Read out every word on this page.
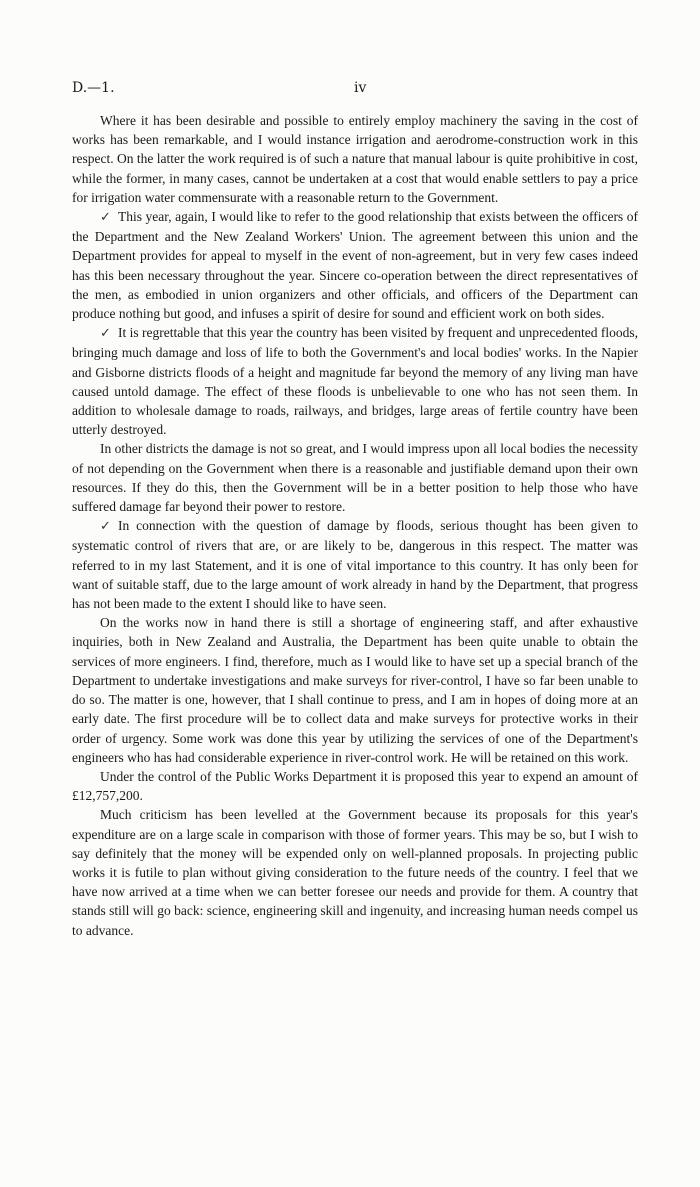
D.—1.	iv

Where it has been desirable and possible to entirely employ machinery the saving in the cost of works has been remarkable, and I would instance irrigation and aerodrome-construction work in this respect. On the latter the work required is of such a nature that manual labour is quite prohibitive in cost, while the former, in many cases, cannot be undertaken at a cost that would enable settlers to pay a price for irrigation water commensurate with a reasonable return to the Government.

✓ This year, again, I would like to refer to the good relationship that exists between the officers of the Department and the New Zealand Workers' Union. The agreement between this union and the Department provides for appeal to myself in the event of non-agreement, but in very few cases indeed has this been necessary throughout the year. Sincere co-operation between the direct representatives of the men, as embodied in union organizers and other officials, and officers of the Department can produce nothing but good, and infuses a spirit of desire for sound and efficient work on both sides.

✓ It is regrettable that this year the country has been visited by frequent and unprecedented floods, bringing much damage and loss of life to both the Government's and local bodies' works. In the Napier and Gisborne districts floods of a height and magnitude far beyond the memory of any living man have caused untold damage. The effect of these floods is unbelievable to one who has not seen them. In addition to wholesale damage to roads, railways, and bridges, large areas of fertile country have been utterly destroyed.

In other districts the damage is not so great, and I would impress upon all local bodies the necessity of not depending on the Government when there is a reasonable and justifiable demand upon their own resources. If they do this, then the Government will be in a better position to help those who have suffered damage far beyond their power to restore.

✓ In connection with the question of damage by floods, serious thought has been given to systematic control of rivers that are, or are likely to be, dangerous in this respect. The matter was referred to in my last Statement, and it is one of vital importance to this country. It has only been for want of suitable staff, due to the large amount of work already in hand by the Department, that progress has not been made to the extent I should like to have seen.

On the works now in hand there is still a shortage of engineering staff, and after exhaustive inquiries, both in New Zealand and Australia, the Department has been quite unable to obtain the services of more engineers. I find, therefore, much as I would like to have set up a special branch of the Department to undertake investigations and make surveys for river-control, I have so far been unable to do so. The matter is one, however, that I shall continue to press, and I am in hopes of doing more at an early date. The first procedure will be to collect data and make surveys for protective works in their order of urgency. Some work was done this year by utilizing the services of one of the Department's engineers who has had considerable experience in river-control work. He will be retained on this work.

Under the control of the Public Works Department it is proposed this year to expend an amount of £12,757,200.

Much criticism has been levelled at the Government because its proposals for this year's expenditure are on a large scale in comparison with those of former years. This may be so, but I wish to say definitely that the money will be expended only on well-planned proposals. In projecting public works it is futile to plan without giving consideration to the future needs of the country. I feel that we have now arrived at a time when we can better foresee our needs and provide for them. A country that stands still will go back: science, engineering skill and ingenuity, and increasing human needs compel us to advance.
